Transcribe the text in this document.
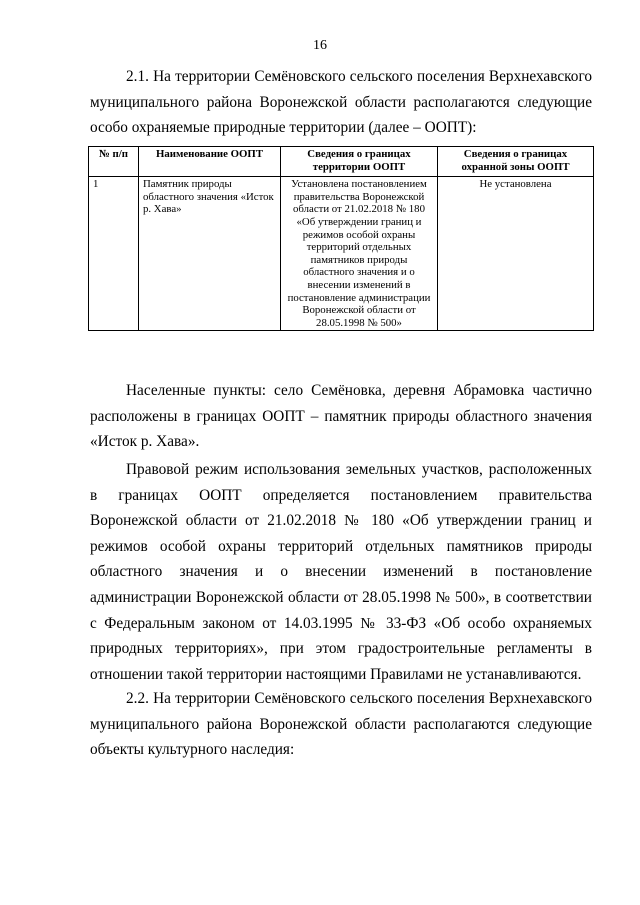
16

2.1. На территории Семёновского сельского поселения Верхнехавского муниципального района Воронежской области располагаются следующие особо охраняемые природные территории (далее – ООПТ):

№ п/п	Наименование ООПТ	Сведения о границах территории ООПТ	Сведения о границах охранной зоны ООПТ
1	Памятник природы областного значения «Исток р. Хава»	Установлена постановлением правительства Воронежской области от 21.02.2018 № 180 «Об утверждении границ и режимов особой охраны территорий отдельных памятников природы областного значения и о внесении изменений в постановление администрации Воронежской области от 28.05.1998 № 500»	Не установлена

Населенные пункты: село Семёновка, деревня Абрамовка частично расположены в границах ООПТ – памятник природы областного значения «Исток р. Хава».

Правовой режим использования земельных участков, расположенных в границах ООПТ определяется постановлением правительства Воронежской области от 21.02.2018 № 180 «Об утверждении границ и режимов особой охраны территорий отдельных памятников природы областного значения и о внесении изменений в постановление администрации Воронежской области от 28.05.1998 № 500», в соответствии с Федеральным законом от 14.03.1995 № 33-ФЗ «Об особо охраняемых природных территориях», при этом градостроительные регламенты в отношении такой территории настоящими Правилами не устанавливаются.

2.2. На территории Семёновского сельского поселения Верхнехавского муниципального района Воронежской области располагаются следующие объекты культурного наследия:
